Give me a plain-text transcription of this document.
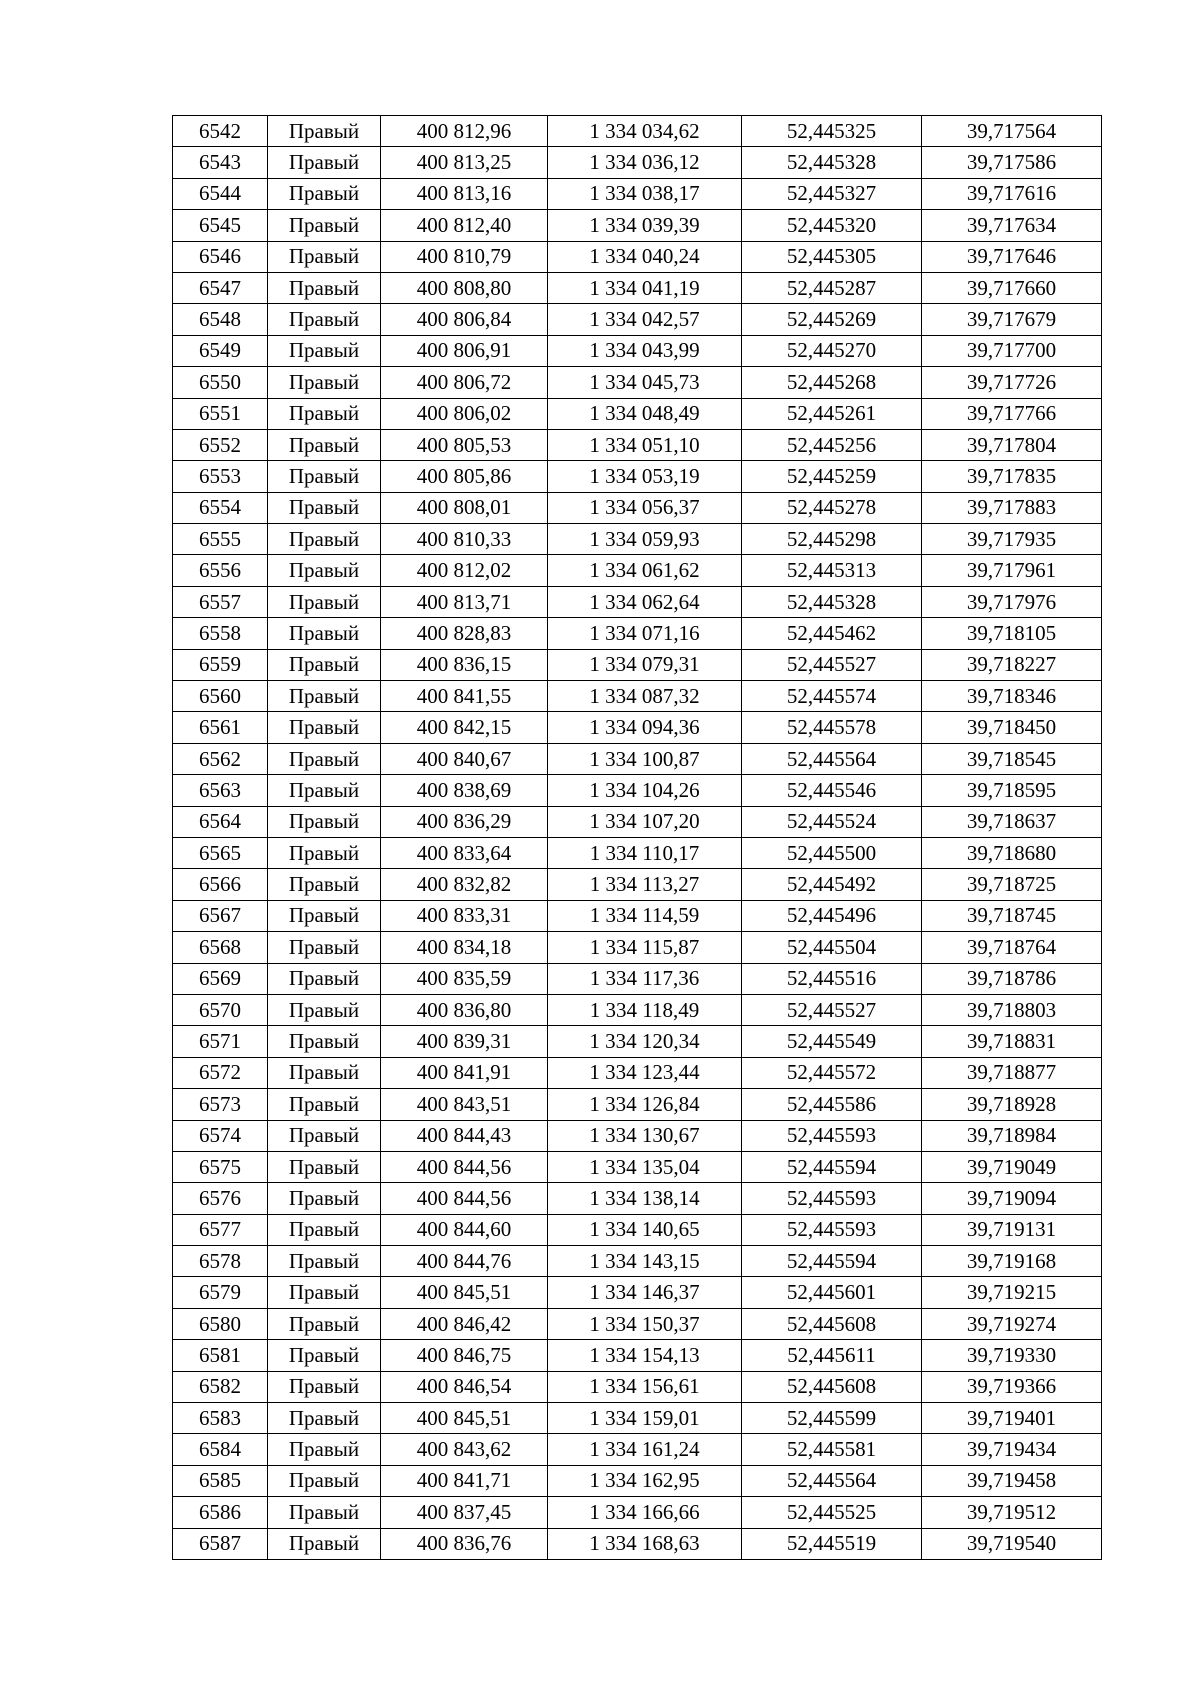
6542	Правый	400 812,96	1 334 034,62	52,445325	39,717564
6543	Правый	400 813,25	1 334 036,12	52,445328	39,717586
6544	Правый	400 813,16	1 334 038,17	52,445327	39,717616
6545	Правый	400 812,40	1 334 039,39	52,445320	39,717634
6546	Правый	400 810,79	1 334 040,24	52,445305	39,717646
6547	Правый	400 808,80	1 334 041,19	52,445287	39,717660
6548	Правый	400 806,84	1 334 042,57	52,445269	39,717679
6549	Правый	400 806,91	1 334 043,99	52,445270	39,717700
6550	Правый	400 806,72	1 334 045,73	52,445268	39,717726
6551	Правый	400 806,02	1 334 048,49	52,445261	39,717766
6552	Правый	400 805,53	1 334 051,10	52,445256	39,717804
6553	Правый	400 805,86	1 334 053,19	52,445259	39,717835
6554	Правый	400 808,01	1 334 056,37	52,445278	39,717883
6555	Правый	400 810,33	1 334 059,93	52,445298	39,717935
6556	Правый	400 812,02	1 334 061,62	52,445313	39,717961
6557	Правый	400 813,71	1 334 062,64	52,445328	39,717976
6558	Правый	400 828,83	1 334 071,16	52,445462	39,718105
6559	Правый	400 836,15	1 334 079,31	52,445527	39,718227
6560	Правый	400 841,55	1 334 087,32	52,445574	39,718346
6561	Правый	400 842,15	1 334 094,36	52,445578	39,718450
6562	Правый	400 840,67	1 334 100,87	52,445564	39,718545
6563	Правый	400 838,69	1 334 104,26	52,445546	39,718595
6564	Правый	400 836,29	1 334 107,20	52,445524	39,718637
6565	Правый	400 833,64	1 334 110,17	52,445500	39,718680
6566	Правый	400 832,82	1 334 113,27	52,445492	39,718725
6567	Правый	400 833,31	1 334 114,59	52,445496	39,718745
6568	Правый	400 834,18	1 334 115,87	52,445504	39,718764
6569	Правый	400 835,59	1 334 117,36	52,445516	39,718786
6570	Правый	400 836,80	1 334 118,49	52,445527	39,718803
6571	Правый	400 839,31	1 334 120,34	52,445549	39,718831
6572	Правый	400 841,91	1 334 123,44	52,445572	39,718877
6573	Правый	400 843,51	1 334 126,84	52,445586	39,718928
6574	Правый	400 844,43	1 334 130,67	52,445593	39,718984
6575	Правый	400 844,56	1 334 135,04	52,445594	39,719049
6576	Правый	400 844,56	1 334 138,14	52,445593	39,719094
6577	Правый	400 844,60	1 334 140,65	52,445593	39,719131
6578	Правый	400 844,76	1 334 143,15	52,445594	39,719168
6579	Правый	400 845,51	1 334 146,37	52,445601	39,719215
6580	Правый	400 846,42	1 334 150,37	52,445608	39,719274
6581	Правый	400 846,75	1 334 154,13	52,445611	39,719330
6582	Правый	400 846,54	1 334 156,61	52,445608	39,719366
6583	Правый	400 845,51	1 334 159,01	52,445599	39,719401
6584	Правый	400 843,62	1 334 161,24	52,445581	39,719434
6585	Правый	400 841,71	1 334 162,95	52,445564	39,719458
6586	Правый	400 837,45	1 334 166,66	52,445525	39,719512
6587	Правый	400 836,76	1 334 168,63	52,445519	39,719540
